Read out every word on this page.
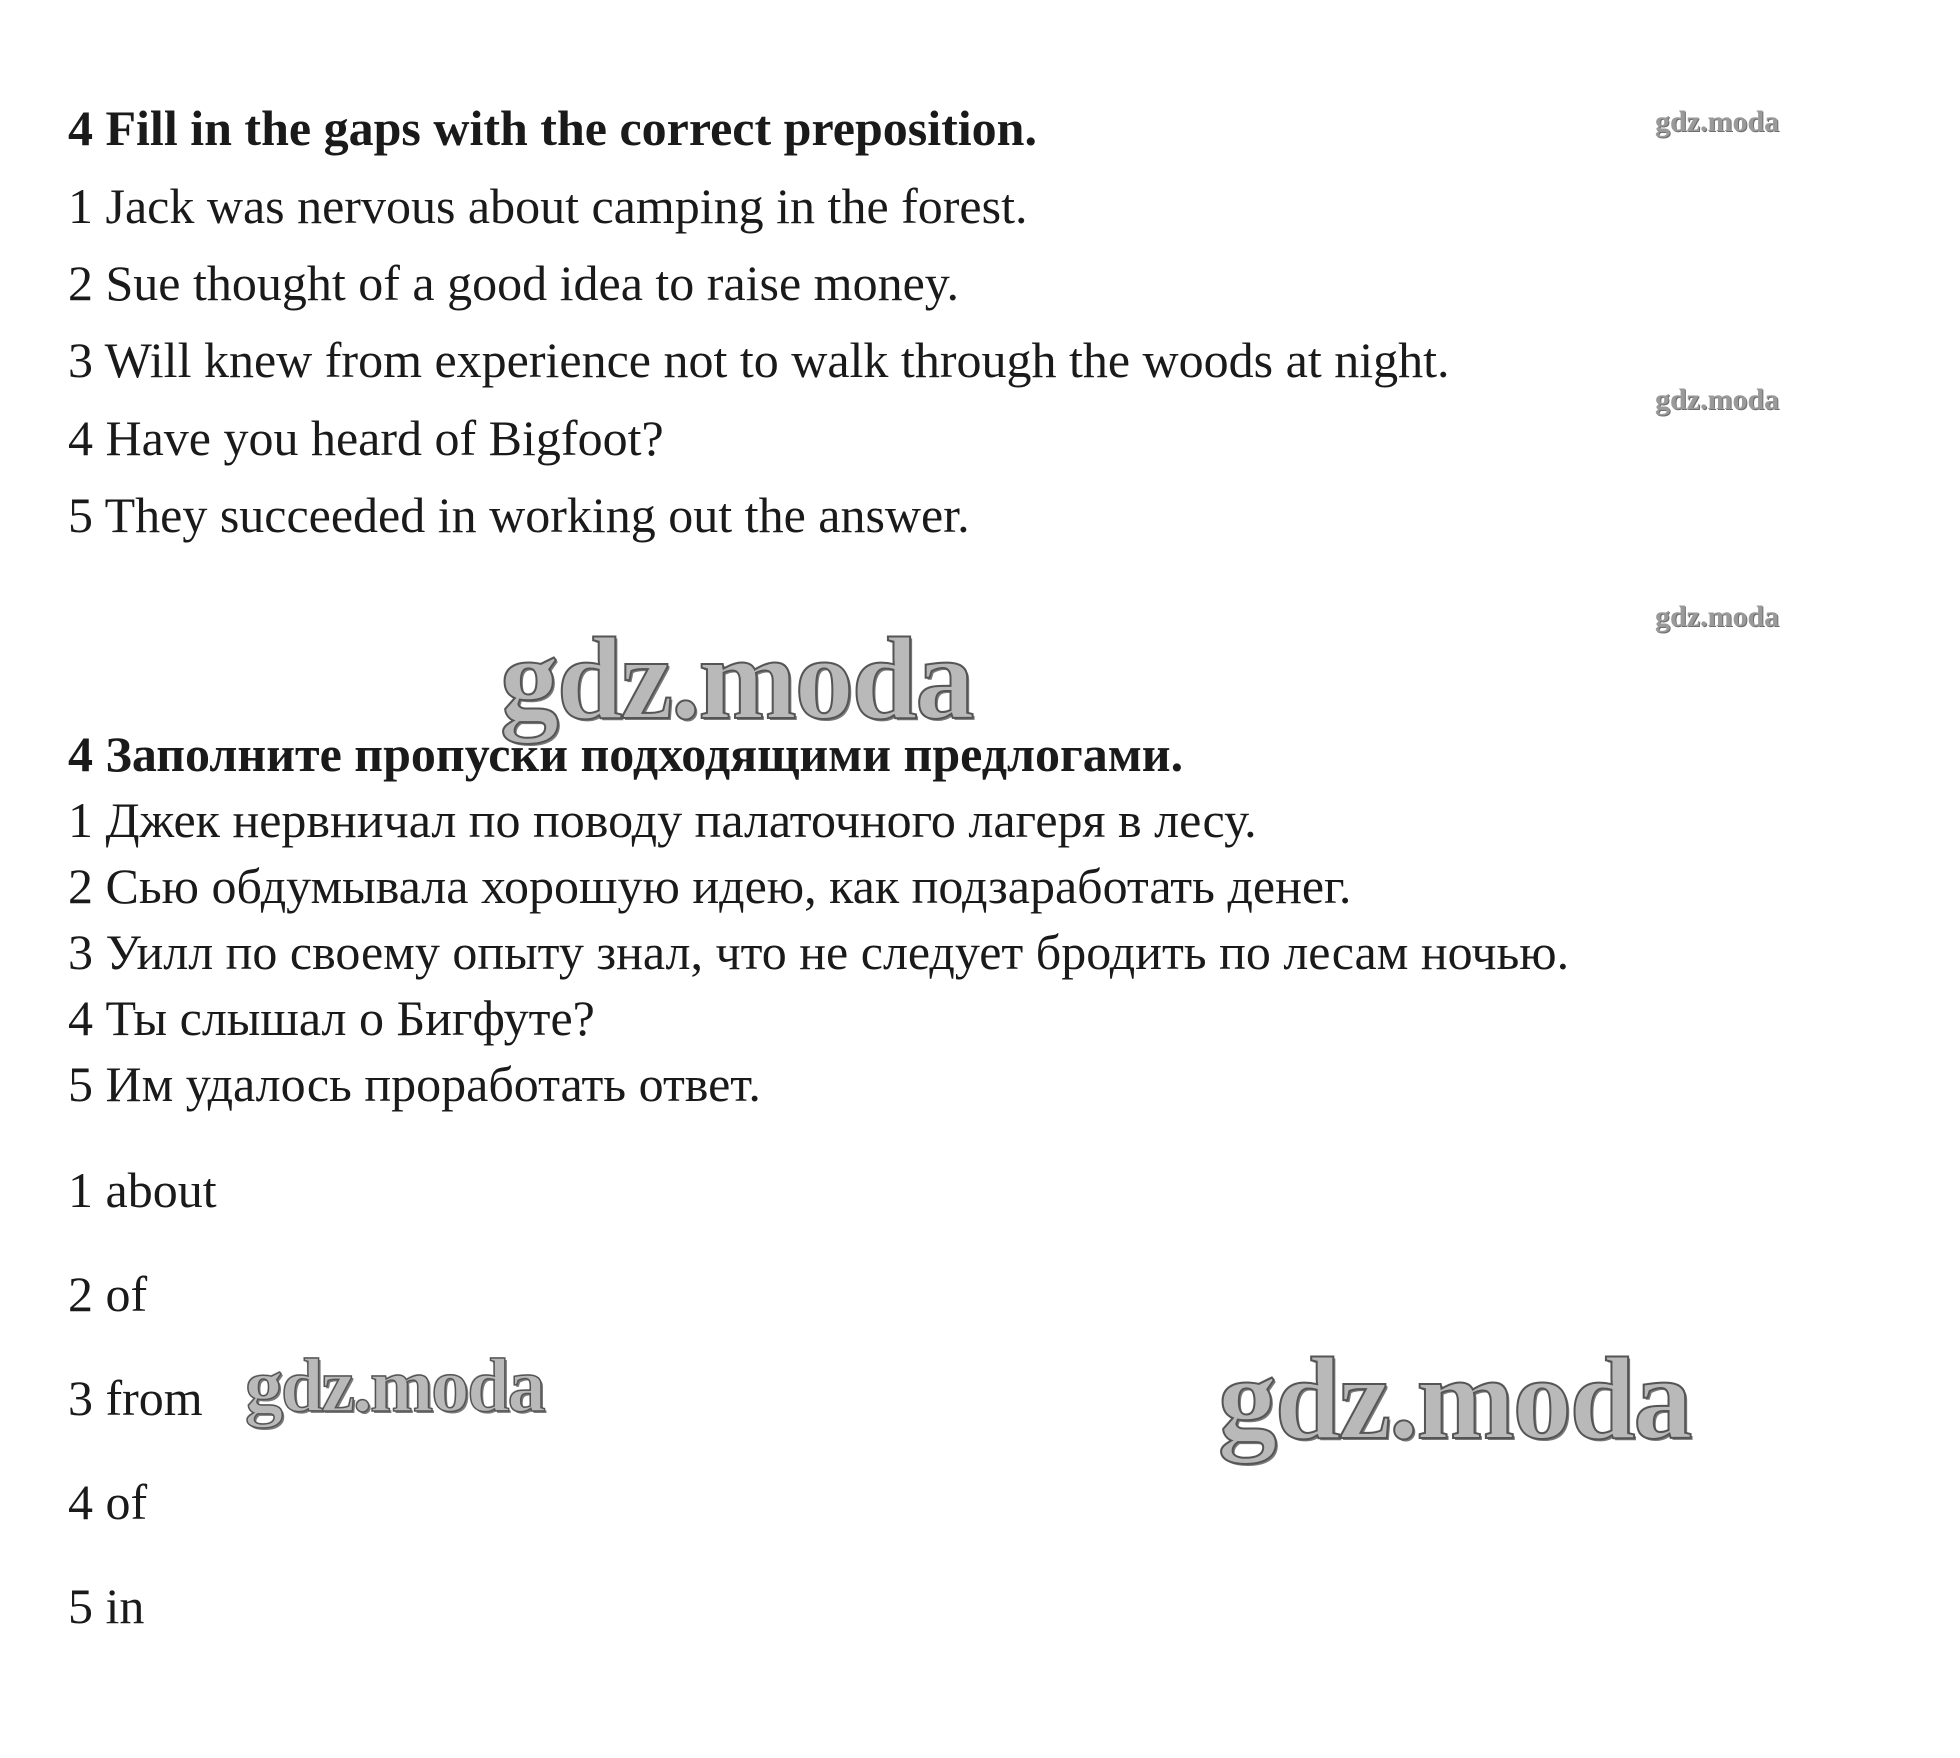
4 Fill in the gaps with the correct preposition.
1 Jack was nervous about camping in the forest.
2 Sue thought of a good idea to raise money.
3 Will knew from experience not to walk through the woods at night.
4 Have you heard of Bigfoot?
5 They succeeded in working out the answer.
4 Заполните пропуски подходящими предлогами.
1 Джек нервничал по поводу палаточного лагеря в лесу.
2 Сью обдумывала хорошую идею, как подзаработать денег.
3 Уилл по своему опыту знал, что не следует бродить по лесам ночью.
4 Ты слышал о Бигфуте?
5 Им удалось проработать ответ.
1 about
2 of
3 from
4 of
5 in
gdz.moda
gdz.moda
gdz.moda
gdz.moda
gdz.moda	gdz.moda
